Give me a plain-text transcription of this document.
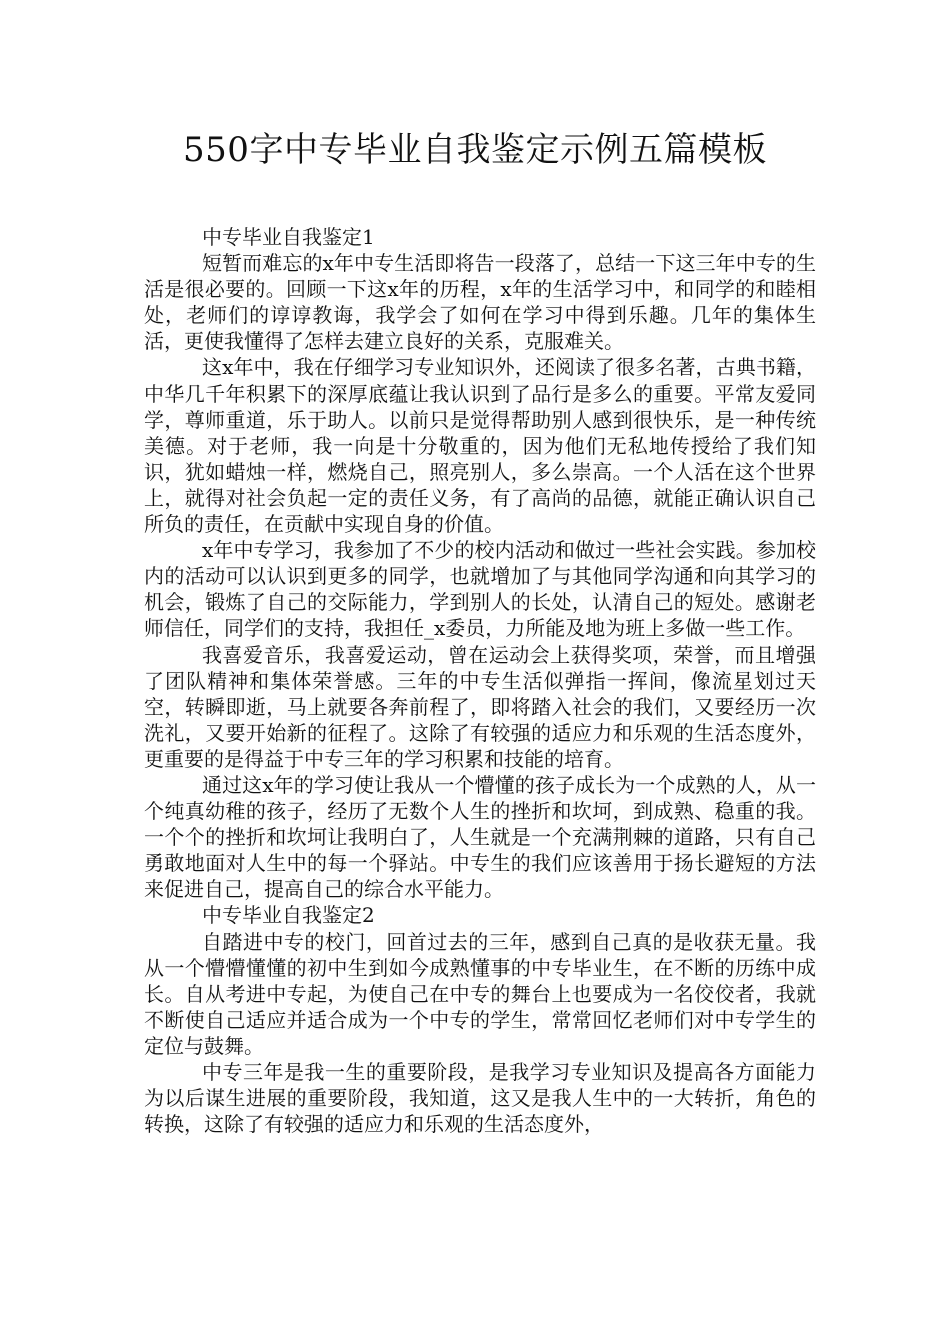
550字中专毕业自我鉴定示例五篇模板

中专毕业自我鉴定1

短暂而难忘的x年中专生活即将告一段落了，总结一下这三年中专的生活是很必要的。回顾一下这x年的历程，x年的生活学习中，和同学的和睦相处，老师们的谆谆教诲，我学会了如何在学习中得到乐趣。几年的集体生活，更使我懂得了怎样去建立良好的关系，克服难关。

这x年中，我在仔细学习专业知识外，还阅读了很多名著，古典书籍，中华几千年积累下的深厚底蕴让我认识到了品行是多么的重要。平常友爱同学，尊师重道，乐于助人。以前只是觉得帮助别人感到很快乐，是一种传统美德。对于老师，我一向是十分敬重的，因为他们无私地传授给了我们知识，犹如蜡烛一样，燃烧自己，照亮别人，多么崇高。一个人活在这个世界上，就得对社会负起一定的责任义务，有了高尚的品德，就能正确认识自己所负的责任，在贡献中实现自身的价值。

x年中专学习，我参加了不少的校内活动和做过一些社会实践。参加校内的活动可以认识到更多的同学，也就增加了与其他同学沟通和向其学习的机会，锻炼了自己的交际能力，学到别人的长处，认清自己的短处。感谢老师信任，同学们的支持，我担任_x委员，力所能及地为班上多做一些工作。

我喜爱音乐，我喜爱运动，曾在运动会上获得奖项，荣誉，而且增强了团队精神和集体荣誉感。三年的中专生活似弹指一挥间，像流星划过天空，转瞬即逝，马上就要各奔前程了，即将踏入社会的我们，又要经历一次洗礼，又要开始新的征程了。这除了有较强的适应力和乐观的生活态度外，更重要的是得益于中专三年的学习积累和技能的培育。

通过这x年的学习使让我从一个懵懂的孩子成长为一个成熟的人，从一个纯真幼稚的孩子，经历了无数个人生的挫折和坎坷，到成熟、稳重的我。一个个的挫折和坎坷让我明白了，人生就是一个充满荆棘的道路，只有自己勇敢地面对人生中的每一个驿站。中专生的我们应该善用于扬长避短的方法来促进自己，提高自己的综合水平能力。

中专毕业自我鉴定2

自踏进中专的校门，回首过去的三年，感到自己真的是收获无量。我从一个懵懵懂懂的初中生到如今成熟懂事的中专毕业生，在不断的历练中成长。自从考进中专起，为使自己在中专的舞台上也要成为一名佼佼者，我就不断使自己适应并适合成为一个中专的学生，常常回忆老师们对中专学生的定位与鼓舞。

中专三年是我一生的重要阶段，是我学习专业知识及提高各方面能力为以后谋生进展的重要阶段，我知道，这又是我人生中的一大转折，角色的转换，这除了有较强的适应力和乐观的生活态度外，
